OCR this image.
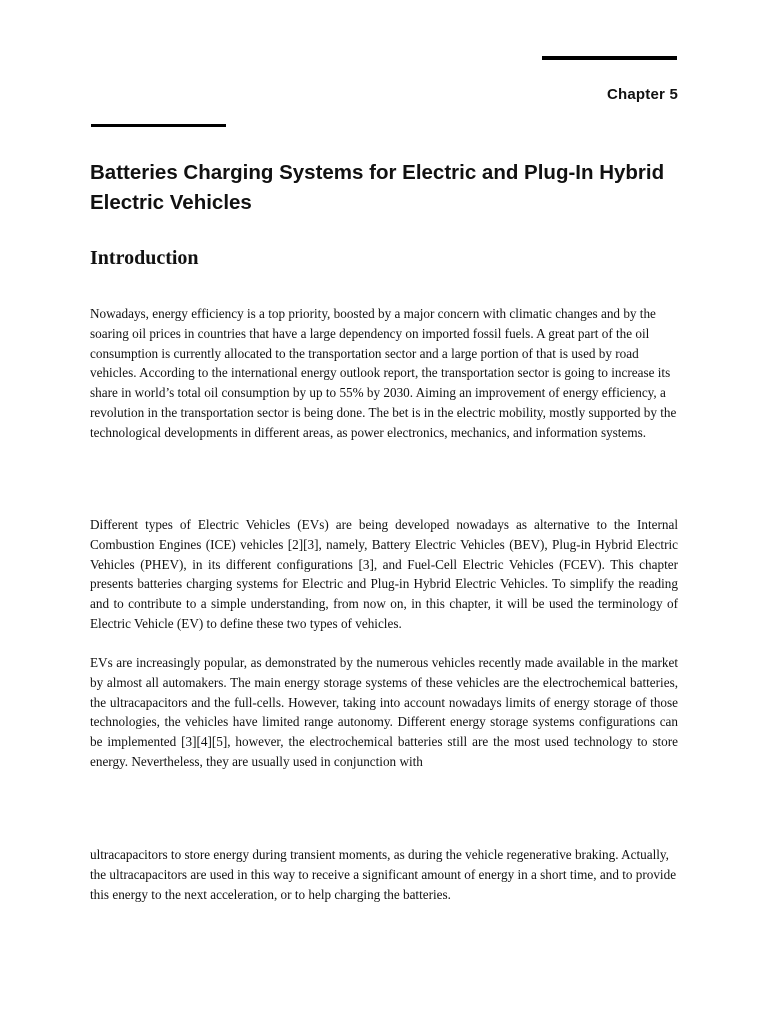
Chapter 5
Batteries Charging Systems for Electric and Plug-In Hybrid Electric Vehicles
Introduction

Nowadays, energy efficiency is a top priority, boosted by a major concern with climatic changes and by the soaring oil prices in countries that have a large dependency on imported fossil fuels. A great part of the oil consumption is currently allocated to the transportation sector and a large portion of that is used by road vehicles. According to the international energy outlook report, the transportation sector is going to increase its share in world’s total oil consumption by up to 55% by 2030. Aiming an improvement of energy efficiency, a revolution in the transportation sector is being done. The bet is in the electric mobility, mostly supported by the technological developments in different areas, as power electronics, mechanics, and information systems.

Different types of Electric Vehicles (EVs) are being developed nowadays as alternative to the Internal Combustion Engines (ICE) vehicles [2][3], namely, Battery Electric Vehicles (BEV), Plug-in Hybrid Electric Vehicles (PHEV), in its different configurations [3], and Fuel-Cell Electric Vehicles (FCEV). This chapter presents batteries charging systems for Electric and Plug-in Hybrid Electric Vehicles. To simplify the reading and to contribute to a simple understanding, from now on, in this chapter, it will be used the terminology of Electric Vehicle (EV) to define these two types of vehicles.

EVs are increasingly popular, as demonstrated by the numerous vehicles recently made available in the market by almost all automakers. The main energy storage systems of these vehicles are the electrochemical batteries, the ultracapacitors and the full-cells. However, taking into account nowadays limits of energy storage of those technologies, the vehicles have limited range autonomy. Different energy storage systems configurations can be implemented [3][4][5], however, the electrochemical batteries still are the most used technology to store energy. Nevertheless, they are usually used in conjunction with

ultracapacitors to store energy during transient moments, as during the vehicle regenerative braking. Actually, the ultracapacitors are used in this way to receive a significant amount of energy in a short time, and to provide this energy to the next acceleration, or to help charging the batteries.
